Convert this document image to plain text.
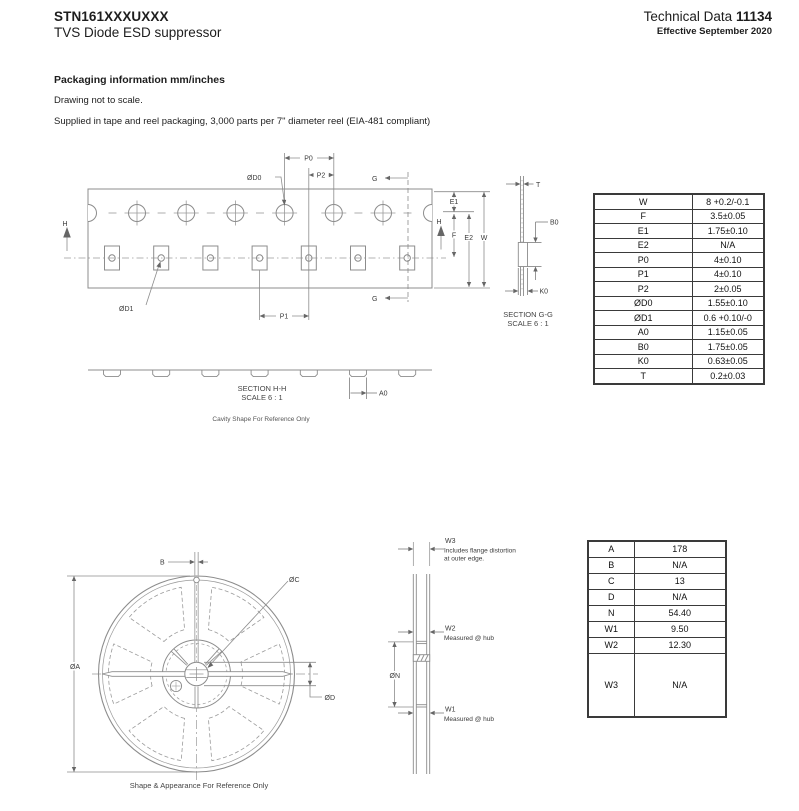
STN161XXXUXXX
TVS Diode ESD suppressor
Technical Data 11134
Effective September 2020
Packaging information mm/inches
Drawing not to scale.
Supplied in tape and reel packaging, 3,000 parts per 7" diameter reel (EIA-481 compliant)
P0
P2
ØD0	G
G
H	H
E1
F E2 W
P1
ØD1
T
B0
K0
SECTION G-G
SCALE 6 : 1
A0
SECTION H-H
SCALE 6 : 1
Cavity Shape For Reference Only
W	8 +0.2/-0.1
F	3.5±0.05
E1	1.75±0.10
E2	N/A
P0	4±0.10
P1	4±0.10
P2	2±0.05
ØD0	1.55±0.10
ØD1	0.6 +0.10/-0
A0	1.15±0.05
B0	1.75±0.05
K0	0.63±0.05
T	0.2±0.03
B
ØC
ØA
ØD
Shape & Appearance For Reference Only
ØN
W3
W2
W1
Includes flange distortion
at outer edge.
Measured @ hub
Measured @ hub
A	178
B	N/A
C	13
D	N/A
N	54.40
W1	9.50
W2	12.30
W3	N/A
